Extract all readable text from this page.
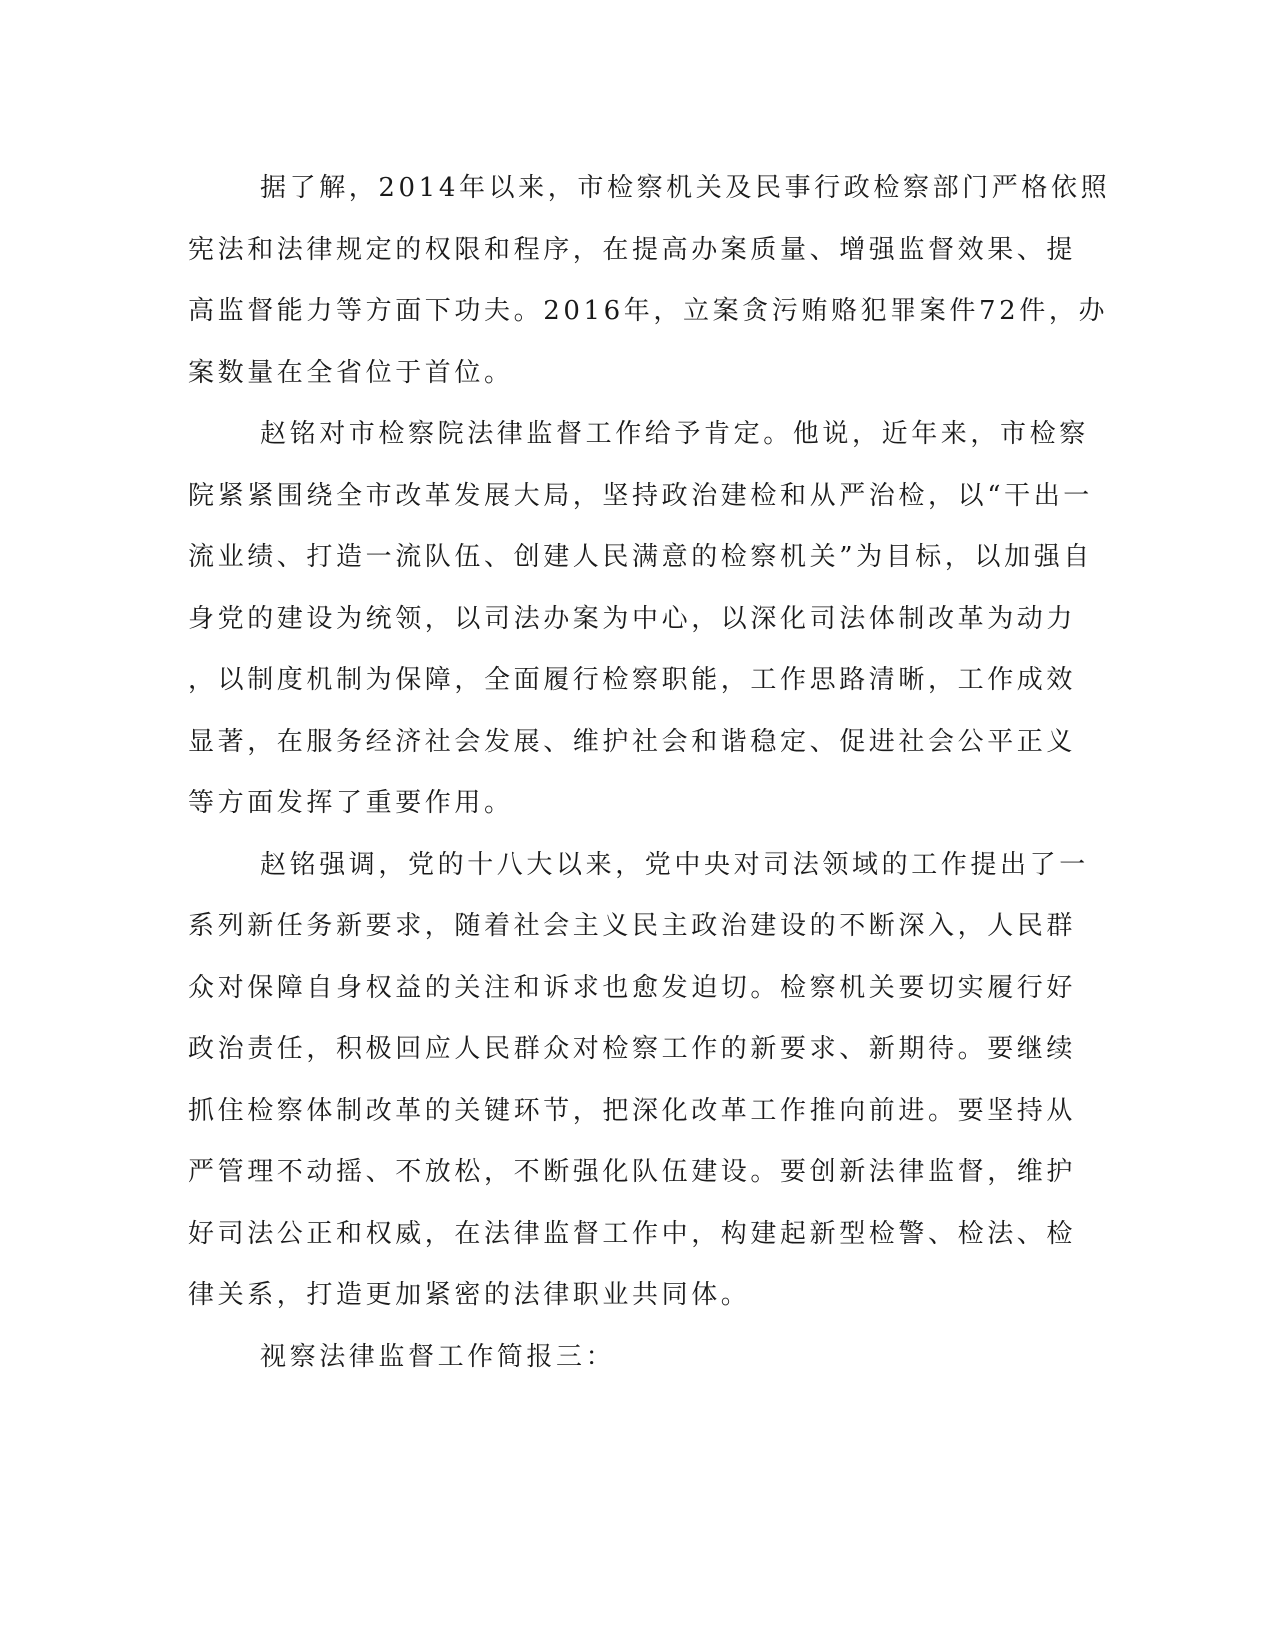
据了解，2014年以来，市检察机关及民事行政检察部门严格依照
宪法和法律规定的权限和程序，在提高办案质量、增强监督效果、提
高监督能力等方面下功夫。2016年，立案贪污贿赂犯罪案件72件，办
案数量在全省位于首位。
赵铭对市检察院法律监督工作给予肯定。他说，近年来，市检察
院紧紧围绕全市改革发展大局，坚持政治建检和从严治检，以“干出一
流业绩、打造一流队伍、创建人民满意的检察机关”为目标，以加强自
身党的建设为统领，以司法办案为中心，以深化司法体制改革为动力
，以制度机制为保障，全面履行检察职能，工作思路清晰，工作成效
显著，在服务经济社会发展、维护社会和谐稳定、促进社会公平正义
等方面发挥了重要作用。
赵铭强调，党的十八大以来，党中央对司法领域的工作提出了一
系列新任务新要求，随着社会主义民主政治建设的不断深入，人民群
众对保障自身权益的关注和诉求也愈发迫切。检察机关要切实履行好
政治责任，积极回应人民群众对检察工作的新要求、新期待。要继续
抓住检察体制改革的关键环节，把深化改革工作推向前进。要坚持从
严管理不动摇、不放松，不断强化队伍建设。要创新法律监督，维护
好司法公正和权威，在法律监督工作中，构建起新型检警、检法、检
律关系，打造更加紧密的法律职业共同体。
视察法律监督工作简报三：
